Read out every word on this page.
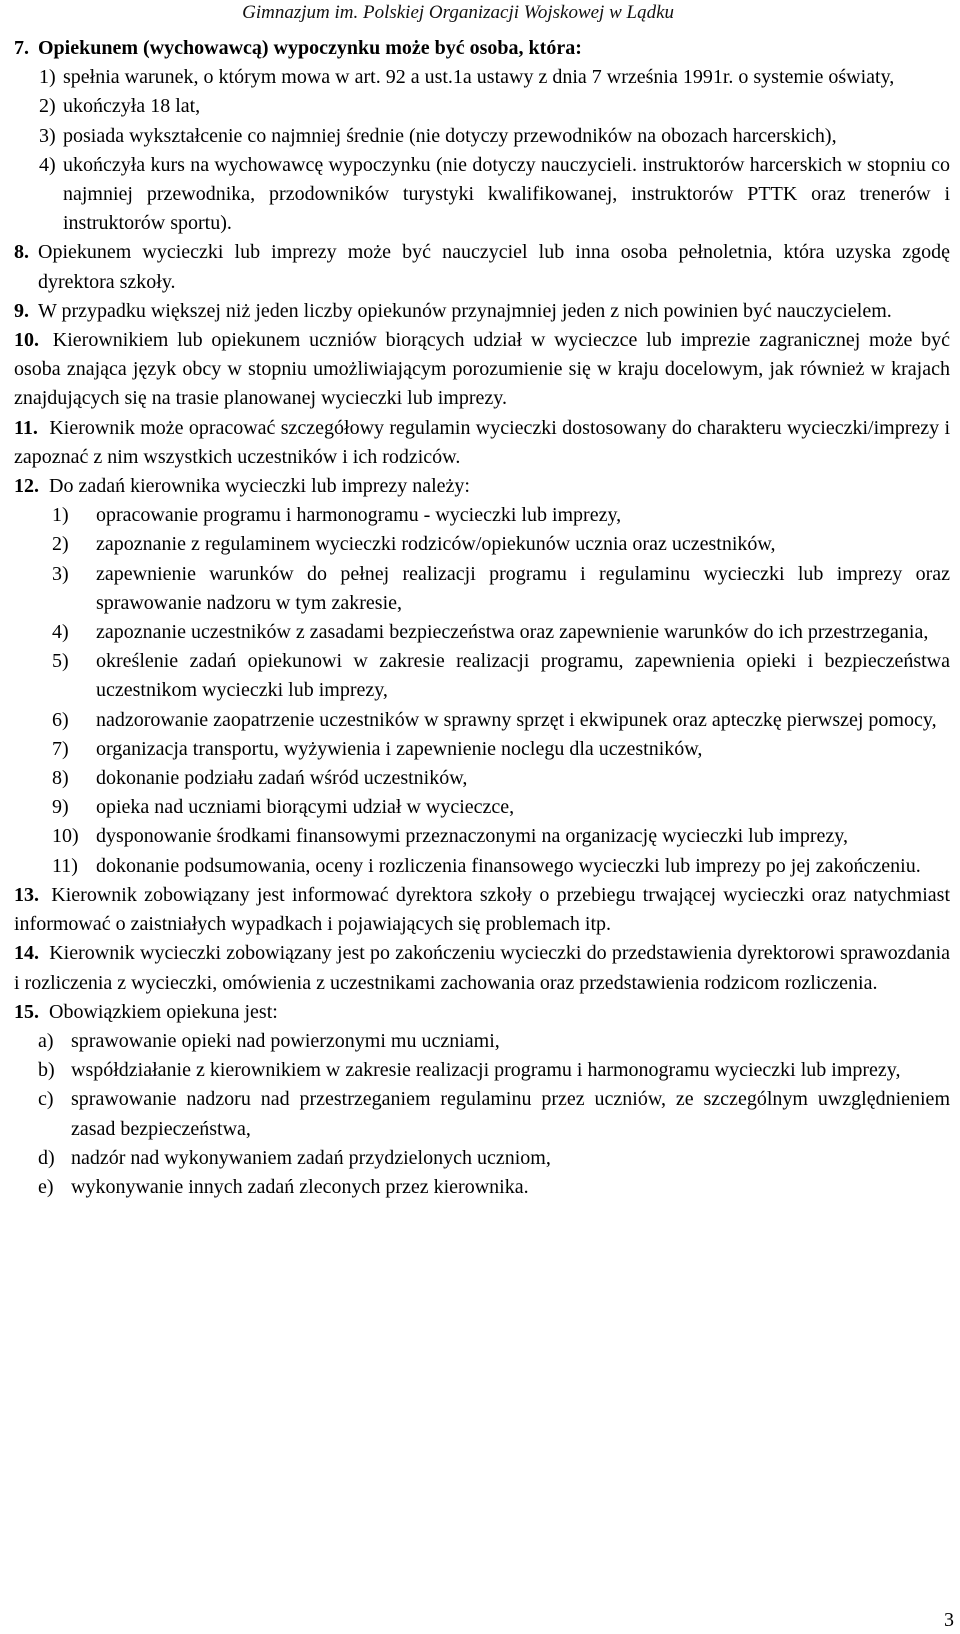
Gimnazjum im. Polskiej Organizacji Wojskowej w Lądku
7. Opiekunem (wychowawcą) wypoczynku może być osoba, która:
1) spełnia warunek, o którym mowa w art. 92 a ust.1a ustawy z dnia 7 września 1991r. o systemie oświaty,
2) ukończyła 18 lat,
3) posiada wykształcenie co najmniej średnie (nie dotyczy przewodników na obozach harcerskich),
4) ukończyła kurs na wychowawcę wypoczynku (nie dotyczy nauczycieli. instruktorów harcerskich w stopniu co najmniej przewodnika, przodowników turystyki kwalifikowanej, instruktorów PTTK oraz trenerów i instruktorów sportu).
8. Opiekunem wycieczki lub imprezy może być nauczyciel lub inna osoba pełnoletnia, która uzyska zgodę dyrektora szkoły.
9. W przypadku większej niż jeden liczby opiekunów przynajmniej jeden z nich powinien być nauczycielem.
10. Kierownikiem lub opiekunem uczniów biorących udział w wycieczce lub imprezie zagranicznej może być osoba znająca język obcy w stopniu umożliwiającym porozumienie się w kraju docelowym, jak również w krajach znajdujących się na trasie planowanej wycieczki lub imprezy.
11. Kierownik może opracować szczegółowy regulamin wycieczki dostosowany do charakteru wycieczki/imprezy i zapoznać z nim wszystkich uczestników i ich rodziców.
12. Do zadań kierownika wycieczki lub imprezy należy:
1)	opracowanie programu i harmonogramu - wycieczki lub imprezy,
2)	zapoznanie z regulaminem wycieczki rodziców/opiekunów ucznia oraz uczestników,
3)	zapewnienie warunków do pełnej realizacji programu i regulaminu wycieczki lub imprezy oraz sprawowanie nadzoru w tym zakresie,
4)	zapoznanie uczestników z zasadami bezpieczeństwa oraz zapewnienie warunków do ich przestrzegania,
5)	określenie zadań opiekunowi w zakresie realizacji programu, zapewnienia opieki i bezpieczeństwa uczestnikom wycieczki lub imprezy,
6)	nadzorowanie zaopatrzenie uczestników w sprawny sprzęt i ekwipunek oraz apteczkę pierwszej pomocy,
7)	organizacja transportu, wyżywienia i zapewnienie noclegu dla uczestników,
8)	dokonanie podziału zadań wśród uczestników,
9)	opieka nad uczniami biorącymi udział w wycieczce,
10) dysponowanie środkami finansowymi przeznaczonymi na organizację wycieczki lub imprezy,
11) dokonanie podsumowania, oceny i rozliczenia finansowego wycieczki lub imprezy po jej zakończeniu.
13. Kierownik zobowiązany jest informować dyrektora szkoły o przebiegu trwającej wycieczki oraz natychmiast informować o zaistniałych wypadkach i pojawiających się problemach itp.
14. Kierownik wycieczki zobowiązany jest po zakończeniu wycieczki do przedstawienia dyrektorowi sprawozdania i rozliczenia z wycieczki, omówienia z uczestnikami zachowania oraz przedstawienia rodzicom rozliczenia.
15. Obowiązkiem opiekuna jest:
a) sprawowanie opieki nad powierzonymi mu uczniami,
b) współdziałanie z kierownikiem w zakresie realizacji programu i harmonogramu wycieczki lub imprezy,
c) sprawowanie nadzoru nad przestrzeganiem regulaminu przez uczniów, ze szczególnym uwzględnieniem zasad bezpieczeństwa,
d) nadzór nad wykonywaniem zadań przydzielonych uczniom,
e) wykonywanie innych zadań zleconych przez kierownika.
3
